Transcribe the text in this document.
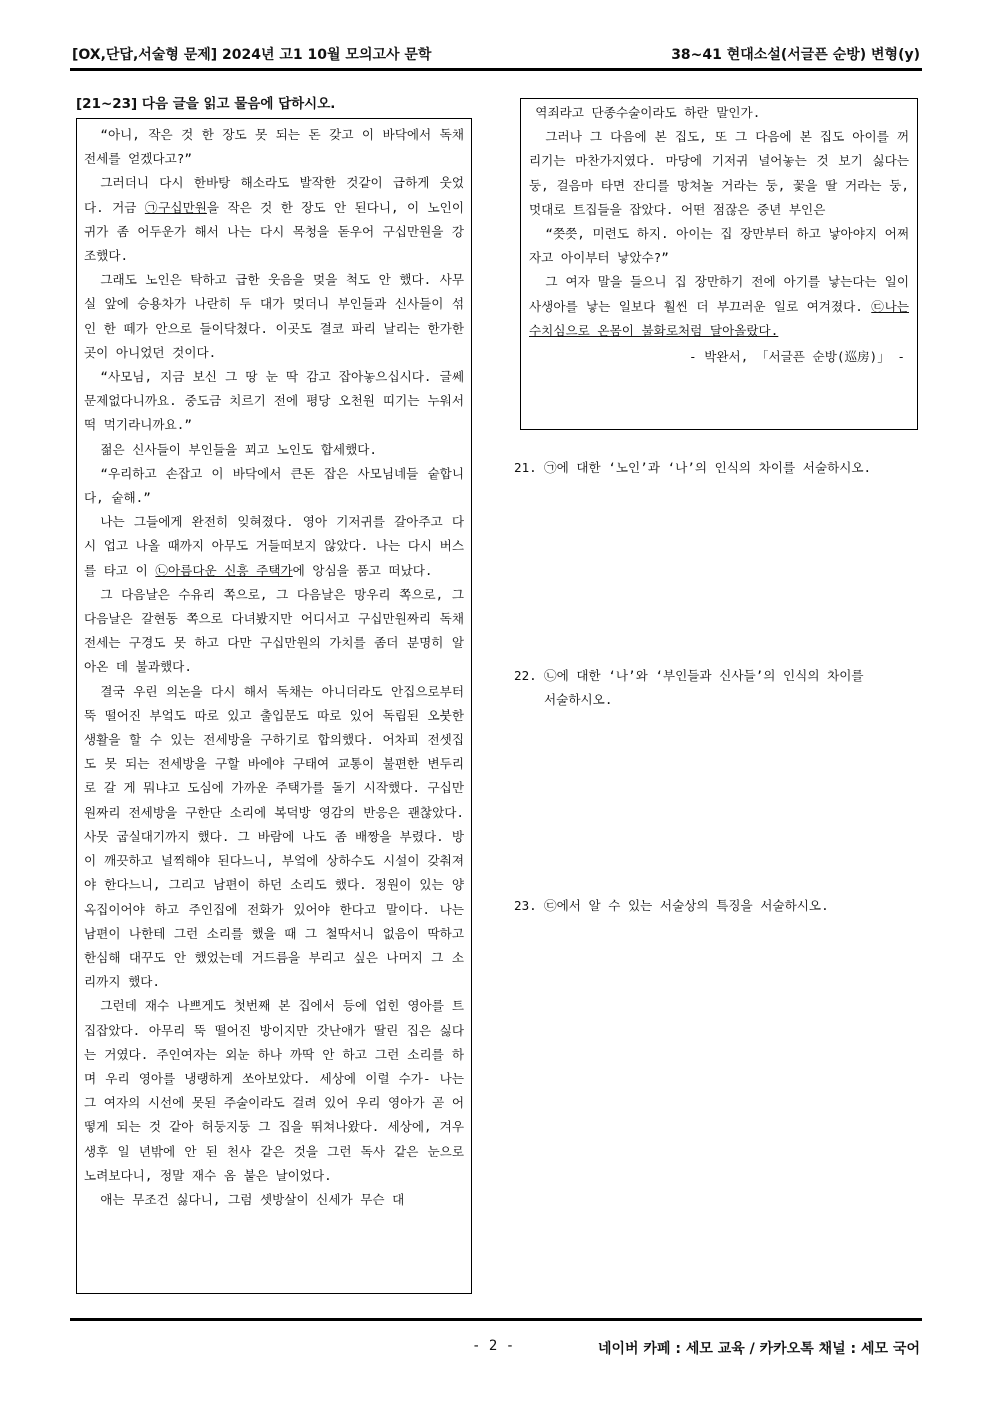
[OX,단답,서술형 문제] 2024년 고1 10월 모의고사 문학	38~41 현대소설(서글픈 순방) 변형(y)
[21~23] 다음 글을 읽고 물음에 답하시오.

“아니, 작은 것 한 장도 못 되는 돈 갖고 이 바닥에서 독채 전세를 얻겠다고?”

그러더니 다시 한바탕 해소라도 발작한 것같이 급하게 웃었다. 거금 ㉠구십만원을 작은 것 한 장도 안 된다니, 이 노인이 귀가 좀 어두운가 해서 나는 다시 목청을 돋우어 구십만원을 강조했다.

그래도 노인은 탁하고 급한 웃음을 멎을 척도 안 했다. 사무실 앞에 승용차가 나란히 두 대가 멎더니 부인들과 신사들이 섞인 한 떼가 안으로 들이닥쳤다. 이곳도 결코 파리 날리는 한가한 곳이 아니었던 것이다.

“사모님, 지금 보신 그 땅 눈 딱 감고 잡아놓으십시다. 글쎄 문제없다니까요. 중도금 치르기 전에 평당 오천원 띠기는 누워서 떡 먹기라니까요.”

젊은 신사들이 부인들을 꾀고 노인도 합세했다.

“우리하고 손잡고 이 바닥에서 큰돈 잡은 사모님네들 숱합니다, 숱해.”

나는 그들에게 완전히 잊혀졌다. 영아 기저귀를 갈아주고 다시 업고 나올 때까지 아무도 거들떠보지 않았다. 나는 다시 버스를 타고 이 ㉡아름다운 신흥 주택가에 앙심을 품고 떠났다.

그 다음날은 수유리 쪽으로, 그 다음날은 망우리 쪽으로, 그 다음날은 갈현동 쪽으로 다녀봤지만 어디서고 구십만원짜리 독채 전세는 구경도 못 하고 다만 구십만원의 가치를 좀더 분명히 알아온 데 불과했다.

결국 우린 의논을 다시 해서 독채는 아니더라도 안집으로부터 뚝 떨어진 부엌도 따로 있고 출입문도 따로 있어 독립된 오붓한 생활을 할 수 있는 전세방을 구하기로 합의했다. 어차피 전셋집도 못 되는 전세방을 구할 바에야 구태여 교통이 불편한 변두리로 갈 게 뭐냐고 도심에 가까운 주택가를 돌기 시작했다. 구십만원짜리 전세방을 구한단 소리에 복덕방 영감의 반응은 괜찮았다. 사뭇 굽실대기까지 했다. 그 바람에 나도 좀 배짱을 부렸다. 방이 깨끗하고 널찍해야 된다느니, 부엌에 상하수도 시설이 갖춰져야 한다느니, 그리고 남편이 하던 소리도 했다. 정원이 있는 양옥집이어야 하고 주인집에 전화가 있어야 한다고 말이다. 나는 남편이 나한테 그런 소리를 했을 때 그 철딱서니 없음이 딱하고 한심해 대꾸도 안 했었는데 거드름을 부리고 싶은 나머지 그 소리까지 했다.

그런데 재수 나쁘게도 첫번째 본 집에서 등에 업힌 영아를 트집잡았다. 아무리 뚝 떨어진 방이지만 갓난애가 딸린 집은 싫다는 거였다. 주인여자는 외눈 하나 까딱 안 하고 그런 소리를 하며 우리 영아를 냉랭하게 쏘아보았다. 세상에 이럴 수가- 나는 그 여자의 시선에 못된 주술이라도 걸려 있어 우리 영아가 곧 어떻게 되는 것 같아 허둥지둥 그 집을 뛰쳐나왔다. 세상에, 겨우 생후 일 년밖에 안 된 천사 같은 것을 그런 독사 같은 눈으로 노려보다니, 정말 재수 옴 붙은 날이었다.

애는 무조건 싫다니, 그럼 셋방살이 신세가 무슨 대

역죄라고 단종수술이라도 하란 말인가.

그러나 그 다음에 본 집도, 또 그 다음에 본 집도 아이를 꺼리기는 마찬가지였다. 마당에 기저귀 널어놓는 것 보기 싫다는 둥, 걸음마 타면 잔디를 망쳐놀 거라는 둥, 꽃을 딸 거라는 둥, 멋대로 트집들을 잡았다. 어떤 점잖은 중년 부인은

“쯧쯧, 미련도 하지. 아이는 집 장만부터 하고 낳아야지 어쩌자고 아이부터 낳았수?”

그 여자 말을 들으니 집 장만하기 전에 아기를 낳는다는 일이 사생아를 낳는 일보다 훨씬 더 부끄러운 일로 여겨졌다. ㉢나는 수치심으로 온몸이 불화로처럼 달아올랐다.

- 박완서, 「서글픈 순방(巡房)」 -
21. ㉠에 대한 ‘노인’과 ‘나’의 인식의 차이를 서술하시오.
22. ㉡에 대한 ‘나’와 ‘부인들과 신사들’의 인식의 차이를
서술하시오.
23. ㉢에서 알 수 있는 서술상의 특징을 서술하시오.
- 2 -	네이버 카페 : 세모 교육 / 카카오톡 채널 : 세모 국어
